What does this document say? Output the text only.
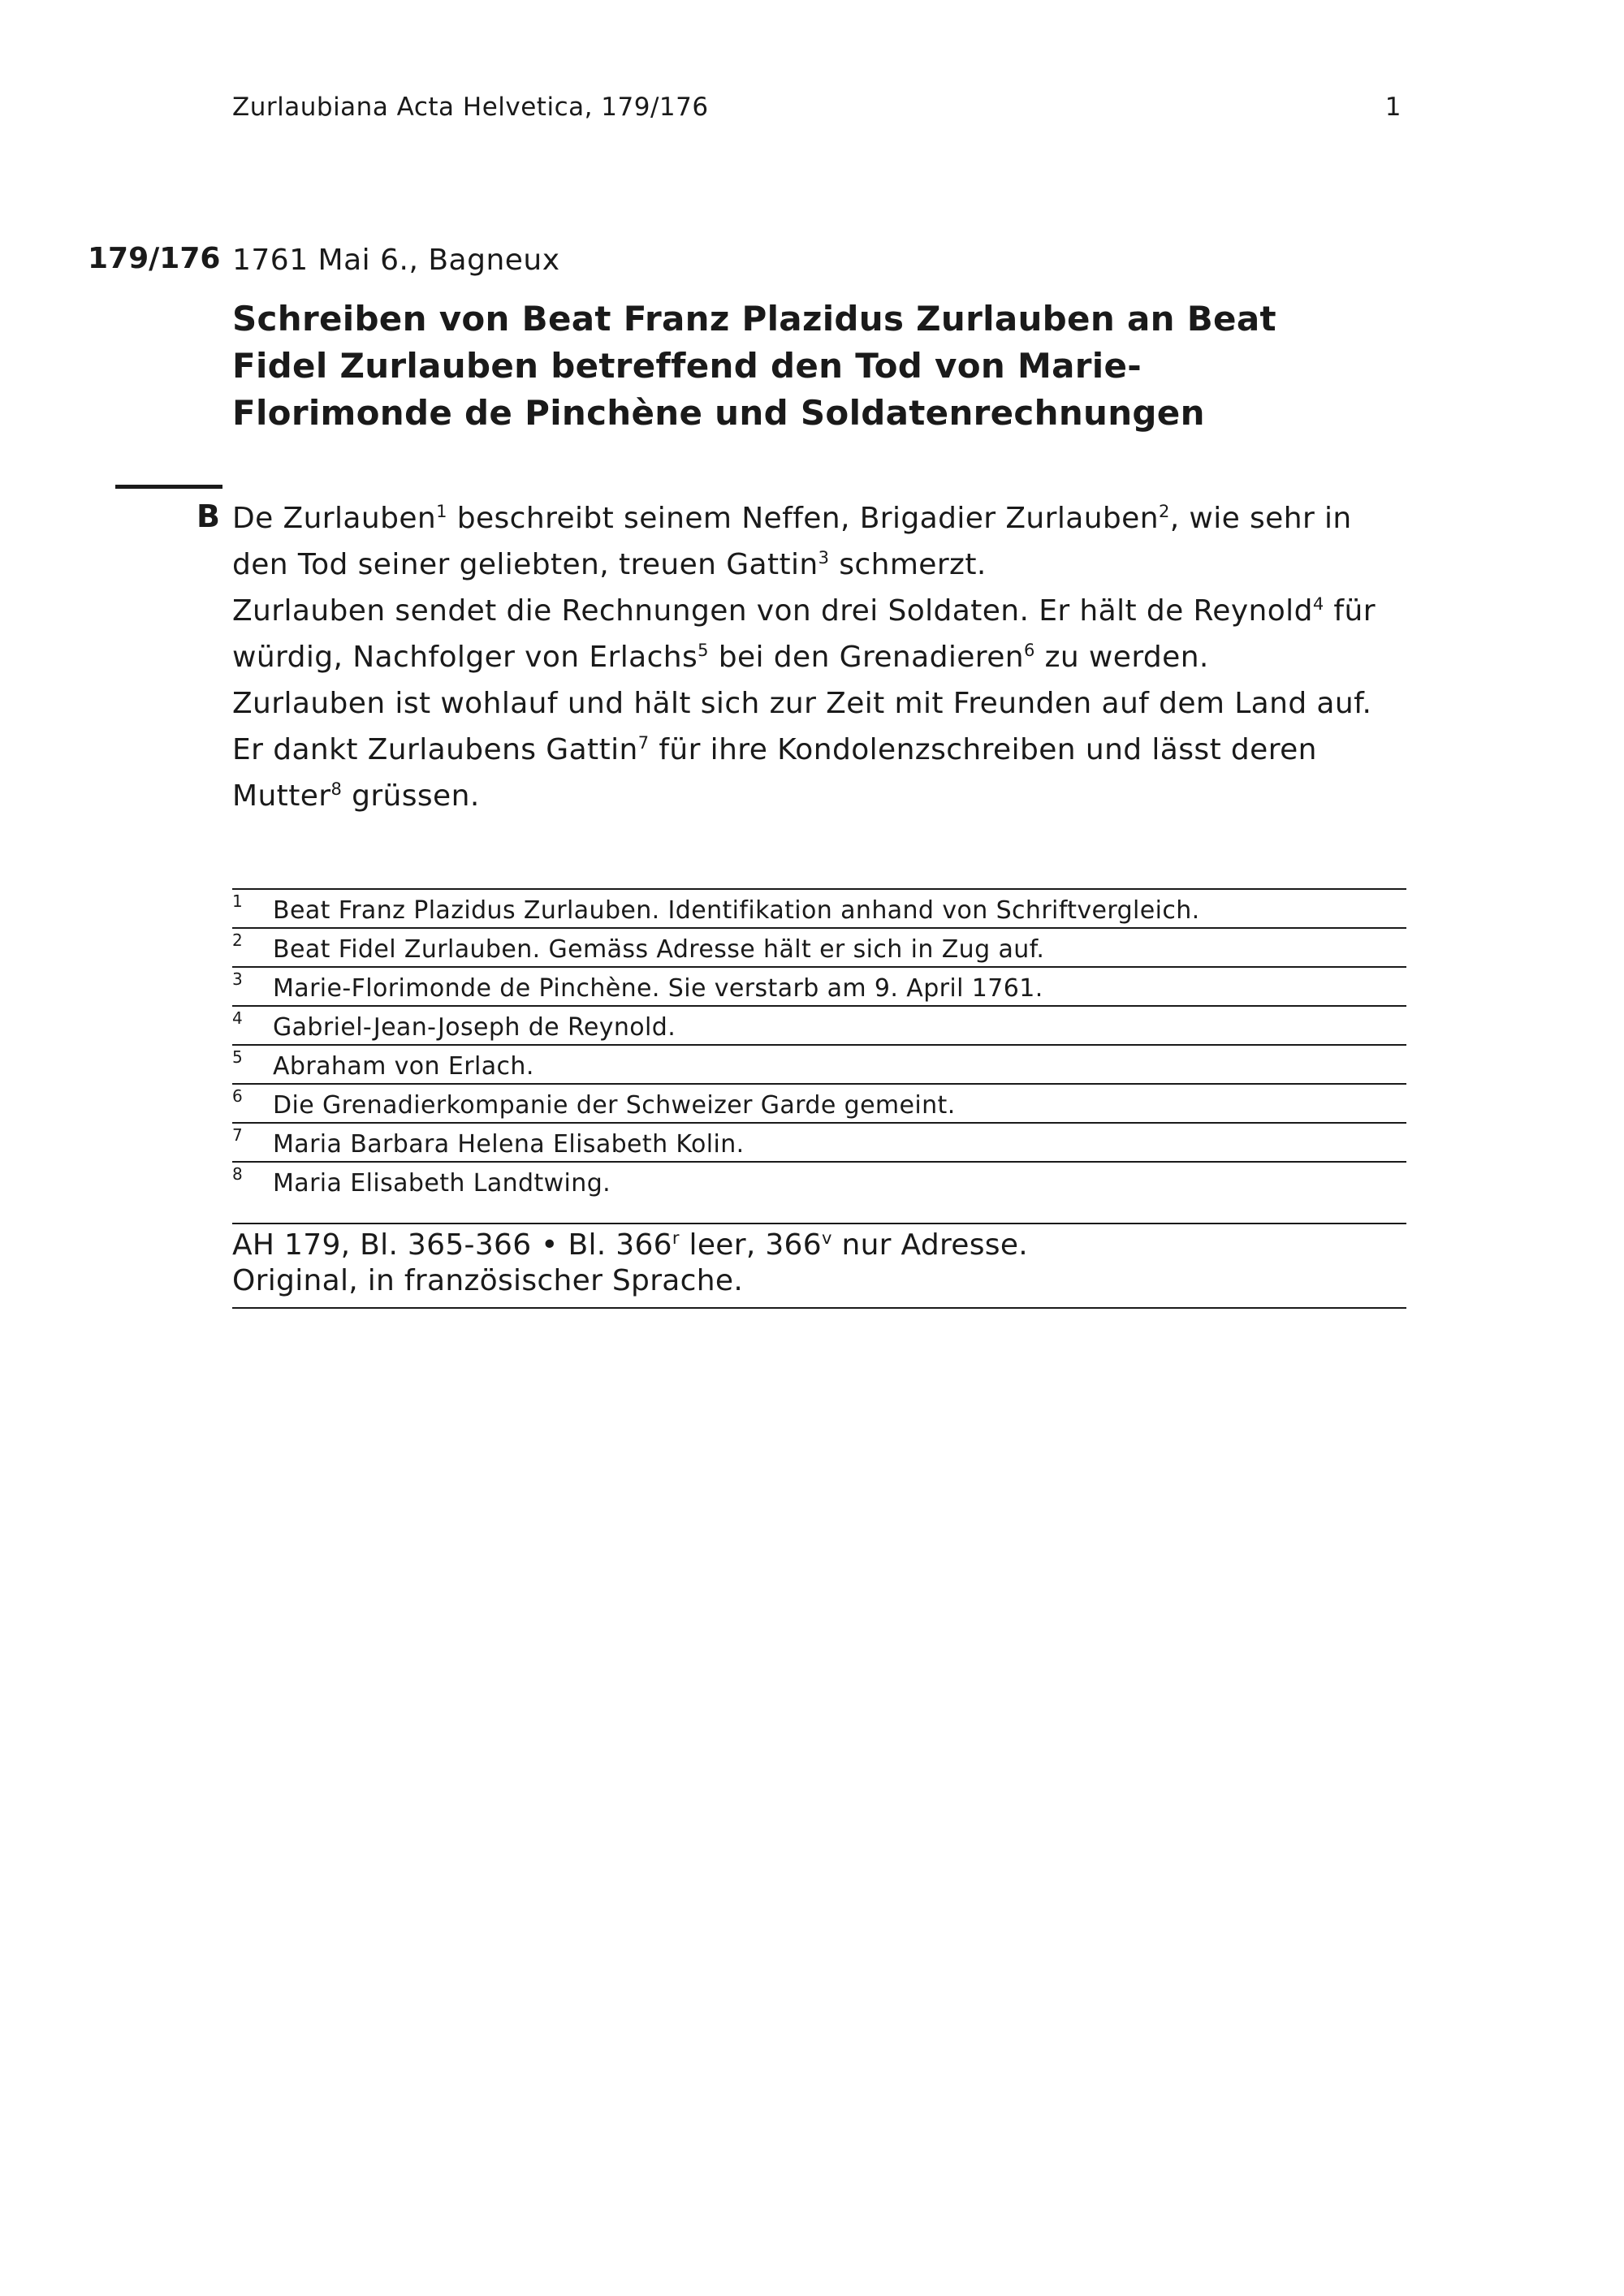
Zurlaubiana Acta Helvetica, 179/176	1
179/176 1761 Mai 6., Bagneux
Schreiben von Beat Franz Plazidus Zurlauben an Beat Fidel Zurlauben betreffend den Tod von Marie-Florimonde de Pinchène und Soldatenrechnungen
B De Zurlauben$^1$ beschreibt seinem Neffen, Brigadier Zurlauben$^2$, wie sehr in den Tod seiner geliebten, treuen Gattin$^3$ schmerzt.

Zurlauben sendet die Rechnungen von drei Soldaten. Er hält de Reynold$^4$ für würdig, Nachfolger von Erlachs$^5$ bei den Grenadieren$^6$ zu werden.

Zurlauben ist wohlauf und hält sich zur Zeit mit Freunden auf dem Land auf. Er dankt Zurlaubens Gattin$^7$ für ihre Kondolenzschreiben und lässt deren Mutter$^8$ grüssen.

1 Beat Franz Plazidus Zurlauben. Identifikation anhand von Schriftvergleich.
2 Beat Fidel Zurlauben. Gemäss Adresse hält er sich in Zug auf.
3 Marie-Florimonde de Pinchène. Sie verstarb am 9. April 1761.
4 Gabriel-Jean-Joseph de Reynold.
5 Abraham von Erlach.
6 Die Grenadierkompanie der Schweizer Garde gemeint.
7 Maria Barbara Helena Elisabeth Kolin.
8 Maria Elisabeth Landtwing.

AH 179, Bl. 365-366 • Bl. 366$^r$ leer, 366$^v$ nur Adresse.

Original, in französischer Sprache.
